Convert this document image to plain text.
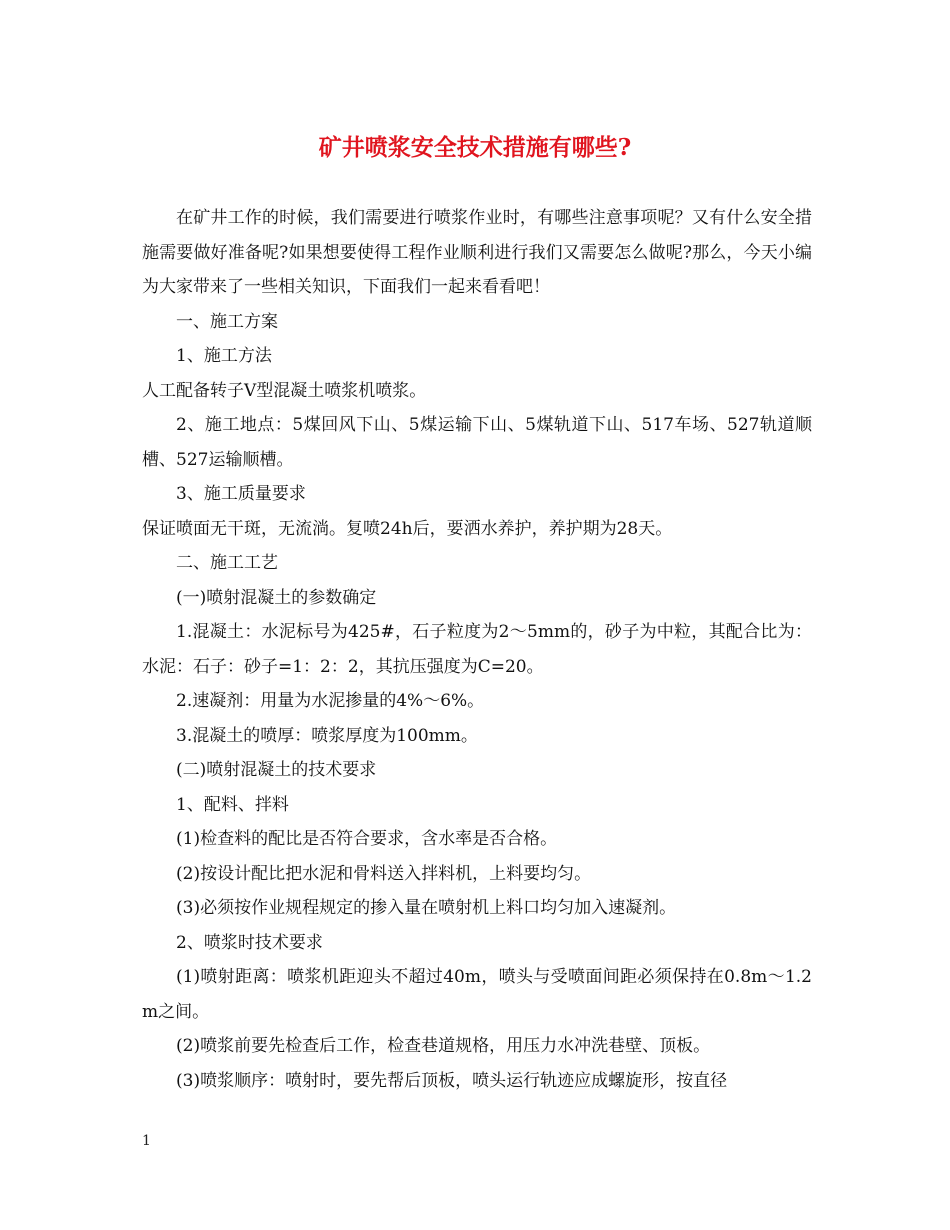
矿井喷浆安全技术措施有哪些?

在矿井工作的时候，我们需要进行喷浆作业时，有哪些注意事项呢？又有什么安全措施需要做好准备呢?如果想要使得工程作业顺利进行我们又需要怎么做呢?那么，今天小编为大家带来了一些相关知识，下面我们一起来看看吧！

一、施工方案

1、施工方法

人工配备转子Ⅴ型混凝土喷浆机喷浆。

2、施工地点：5煤回风下山、5煤运输下山、5煤轨道下山、517车场、527轨道顺槽、527运输顺槽。

3、施工质量要求

保证喷面无干斑，无流淌。复喷24h后，要洒水养护，养护期为28天。

二、施工工艺

(一)喷射混凝土的参数确定

1.混凝土：水泥标号为425#，石子粒度为2～5mm的，砂子为中粒，其配合比为：水泥：石子：砂子=1：2：2，其抗压强度为C=20。

2.速凝剂：用量为水泥掺量的4%～6%。

3.混凝土的喷厚：喷浆厚度为100mm。

(二)喷射混凝土的技术要求

1、配料、拌料

(1)检查料的配比是否符合要求，含水率是否合格。

(2)按设计配比把水泥和骨料送入拌料机，上料要均匀。

(3)必须按作业规程规定的掺入量在喷射机上料口均匀加入速凝剂。

2、喷浆时技术要求

(1)喷射距离：喷浆机距迎头不超过40m，喷头与受喷面间距必须保持在0.8m～1.2m之间。

(2)喷浆前要先检查后工作，检查巷道规格，用压力水冲洗巷壁、顶板。

(3)喷浆顺序：喷射时，要先帮后顶板，喷头运行轨迹应成螺旋形，按直径

1
